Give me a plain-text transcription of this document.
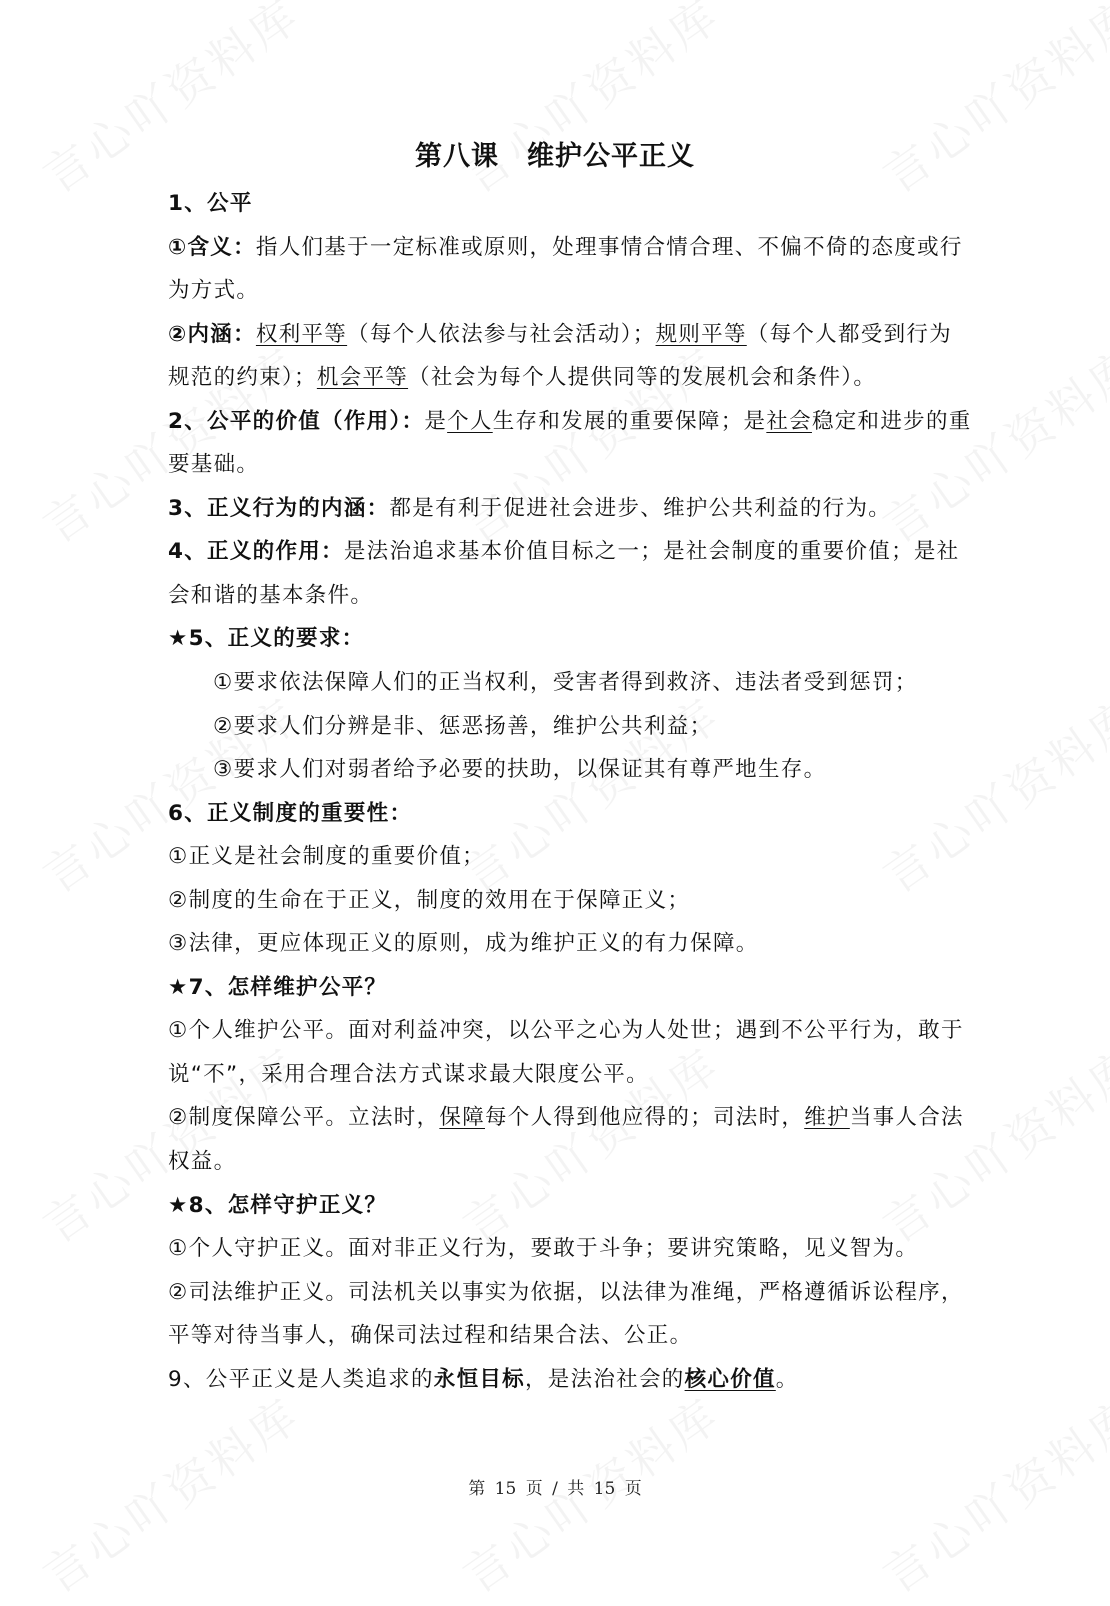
第八课　维护公平正义
1、公平
①含义：指人们基于一定标准或原则，处理事情合情合理、不偏不倚的态度或行
为方式。
②内涵：权利平等（每个人依法参与社会活动）；规则平等（每个人都受到行为
规范的约束）；机会平等（社会为每个人提供同等的发展机会和条件）。
2、公平的价值（作用）：是个人生存和发展的重要保障；是社会稳定和进步的重
要基础。
3、正义行为的内涵：都是有利于促进社会进步、维护公共利益的行为。
4、正义的作用：是法治追求基本价值目标之一；是社会制度的重要价值；是社
会和谐的基本条件。
★5、正义的要求：
①要求依法保障人们的正当权利，受害者得到救济、违法者受到惩罚；
②要求人们分辨是非、惩恶扬善，维护公共利益；
③要求人们对弱者给予必要的扶助，以保证其有尊严地生存。
6、正义制度的重要性：
①正义是社会制度的重要价值；
②制度的生命在于正义，制度的效用在于保障正义；
③法律，更应体现正义的原则，成为维护正义的有力保障。
★7、怎样维护公平？
①个人维护公平。面对利益冲突，以公平之心为人处世；遇到不公平行为，敢于
说“不”，采用合理合法方式谋求最大限度公平。
②制度保障公平。立法时，保障每个人得到他应得的；司法时，维护当事人合法
权益。
★8、怎样守护正义？
①个人守护正义。面对非正义行为，要敢于斗争；要讲究策略，见义智为。
②司法维护正义。司法机关以事实为依据，以法律为准绳，严格遵循诉讼程序，
平等对待当事人，确保司法过程和结果合法、公正。
9、公平正义是人类追求的永恒目标，是法治社会的核心价值。
第 15 页 / 共 15 页
